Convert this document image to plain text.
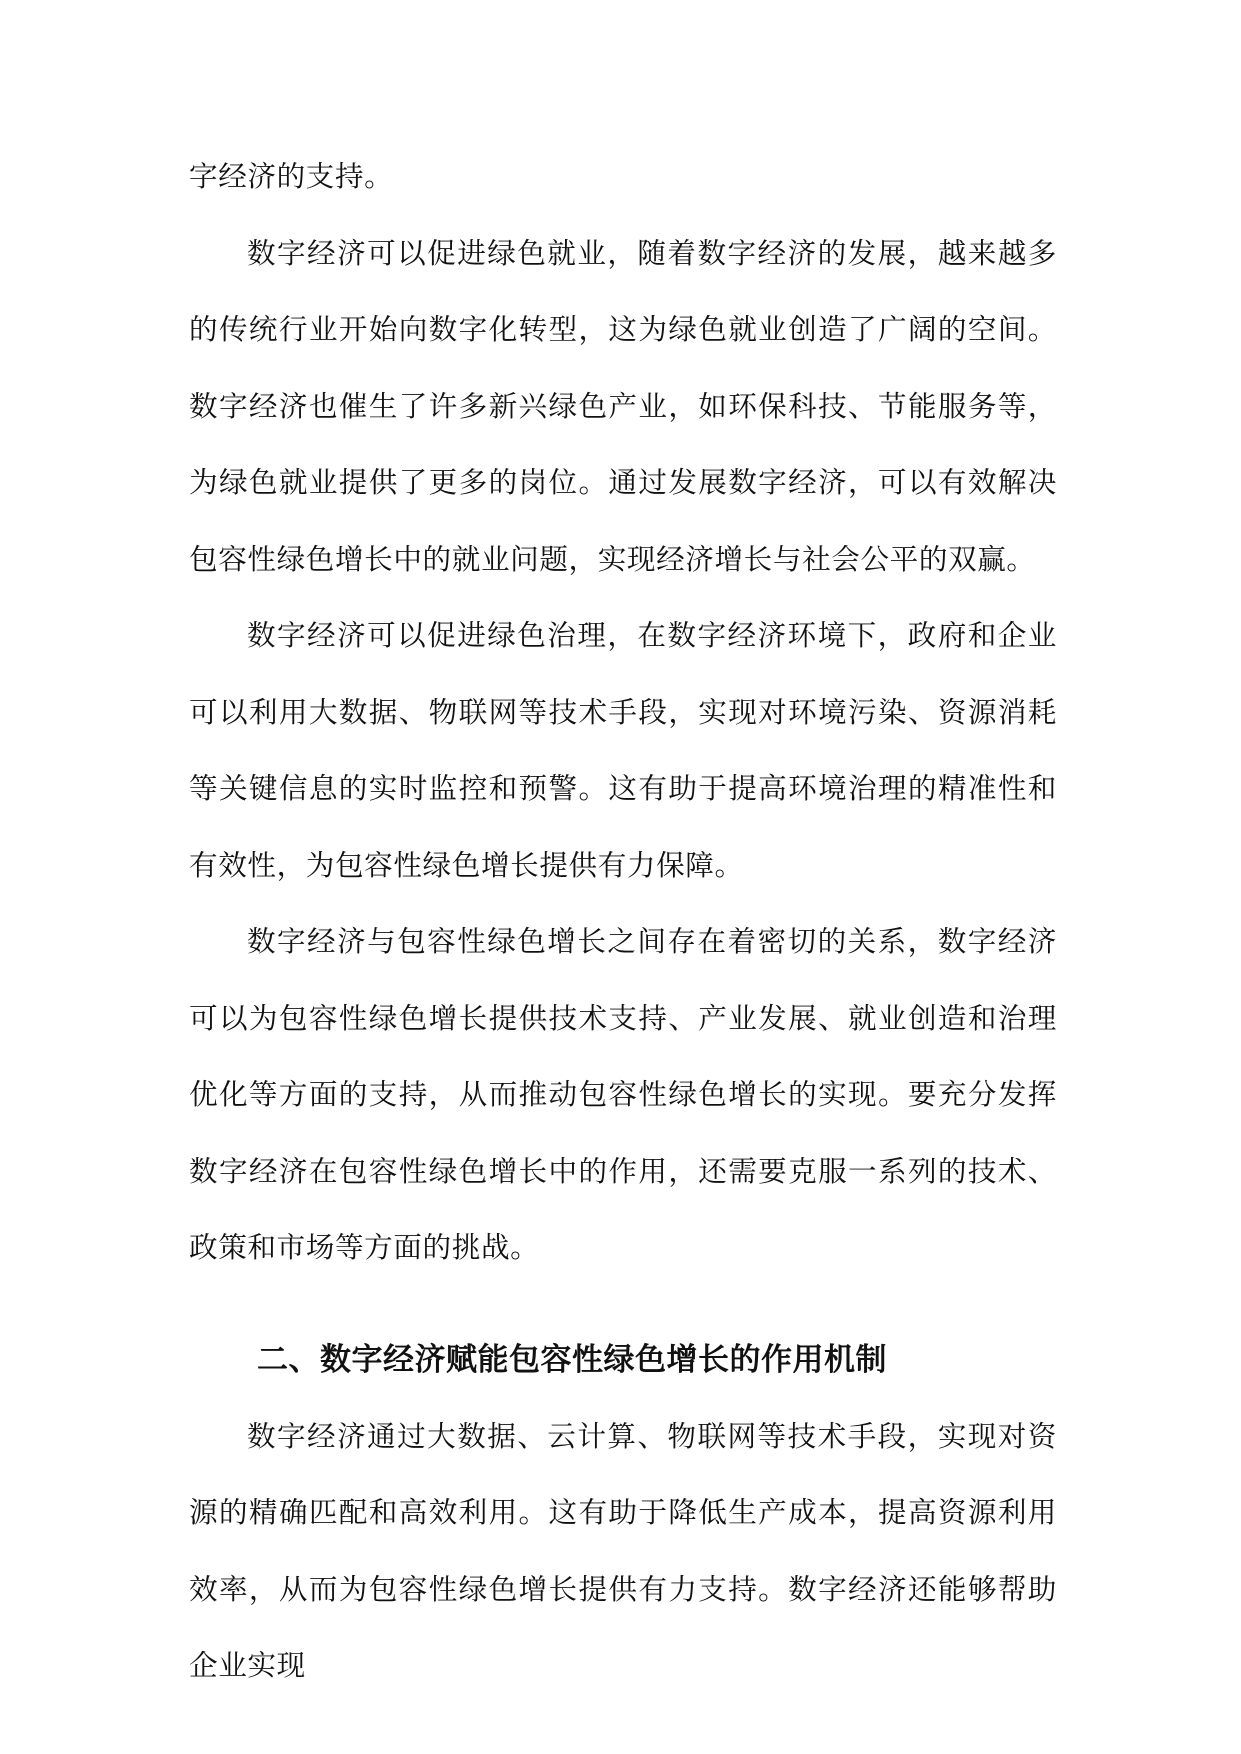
字经济的支持。

数字经济可以促进绿色就业，随着数字经济的发展，越来越多的传统行业开始向数字化转型，这为绿色就业创造了广阔的空间。数字经济也催生了许多新兴绿色产业，如环保科技、节能服务等，为绿色就业提供了更多的岗位。通过发展数字经济，可以有效解决包容性绿色增长中的就业问题，实现经济增长与社会公平的双赢。

数字经济可以促进绿色治理，在数字经济环境下，政府和企业可以利用大数据、物联网等技术手段，实现对环境污染、资源消耗等关键信息的实时监控和预警。这有助于提高环境治理的精准性和有效性，为包容性绿色增长提供有力保障。

数字经济与包容性绿色增长之间存在着密切的关系，数字经济可以为包容性绿色增长提供技术支持、产业发展、就业创造和治理优化等方面的支持，从而推动包容性绿色增长的实现。要充分发挥数字经济在包容性绿色增长中的作用，还需要克服一系列的技术、政策和市场等方面的挑战。

二、数字经济赋能包容性绿色增长的作用机制

数字经济通过大数据、云计算、物联网等技术手段，实现对资源的精确匹配和高效利用。这有助于降低生产成本，提高资源利用效率，从而为包容性绿色增长提供有力支持。数字经济还能够帮助企业实现
